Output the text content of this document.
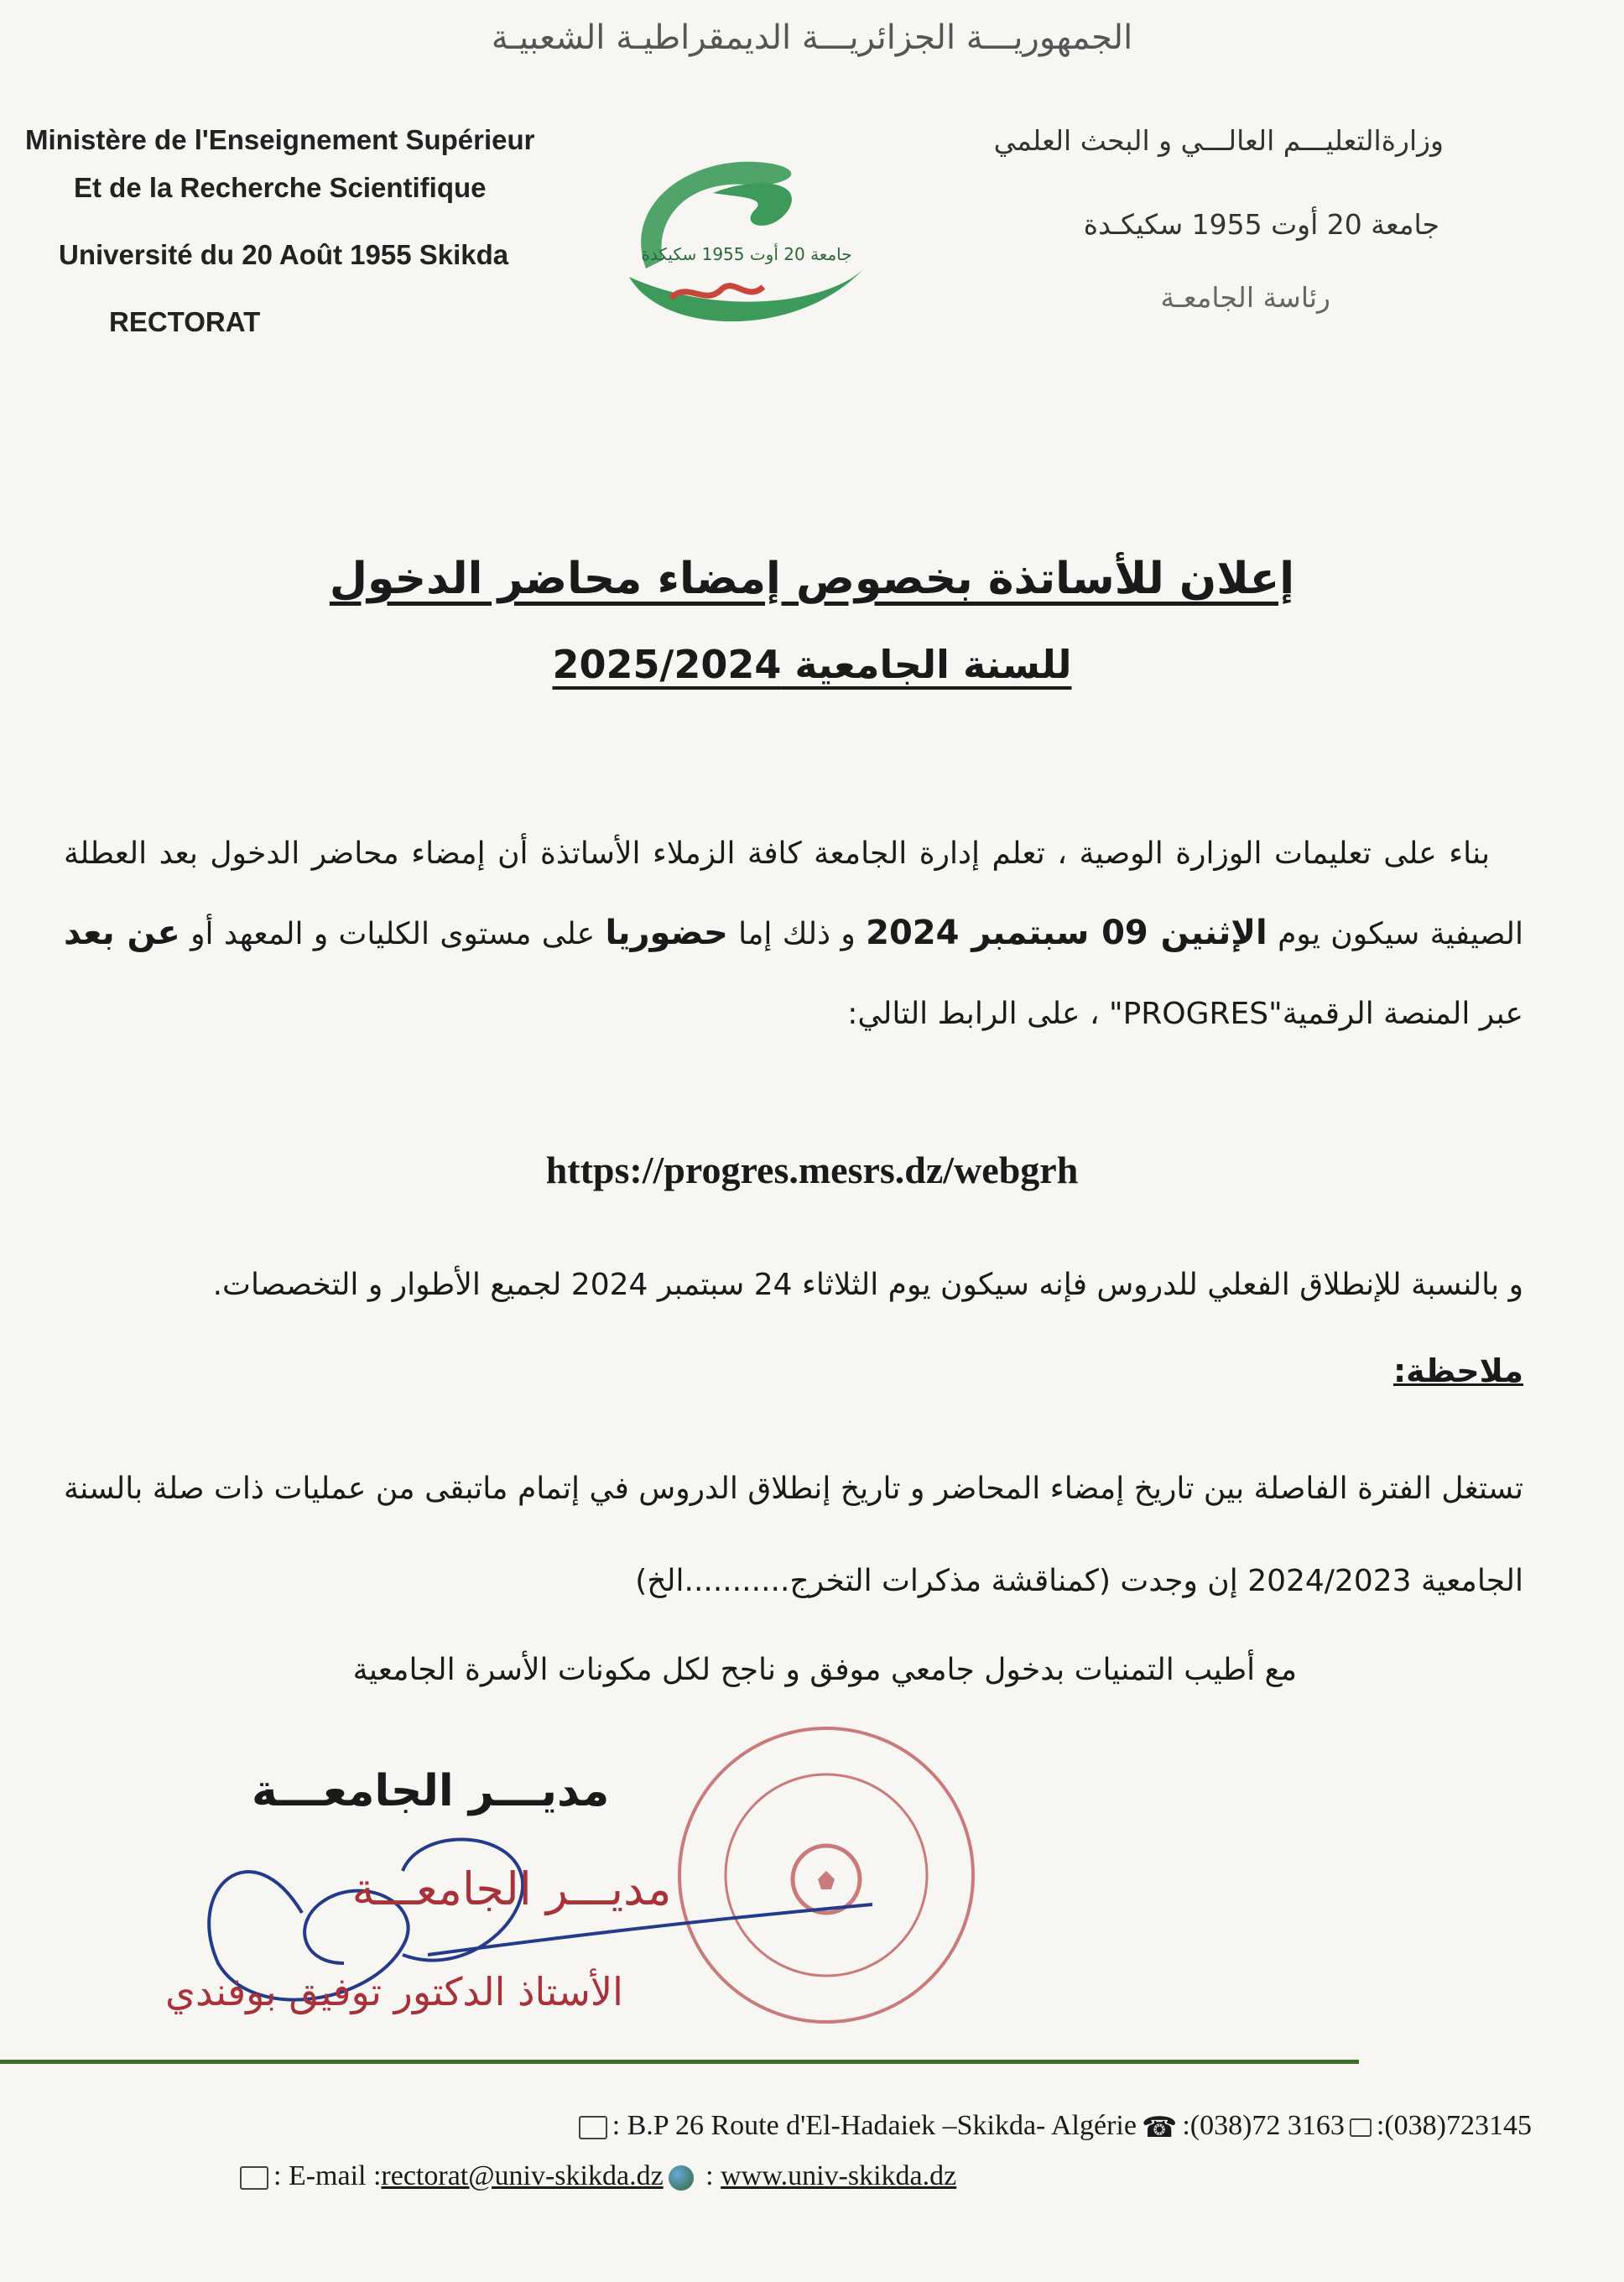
الجمهوريـــة الجزائريـــة الديمقراطيـة الشعبيـة
Ministère de l'Enseignement Supérieur
Et de la Recherche Scientifique
Université du 20 Août 1955 Skikda
RECTORAT
وزارةالتعليـــم العالـــي و البحث العلمي
جامعة 20 أوت 1955 سكيكـدة
رئاسة الجامعـة
جامعة 20 أوت 1955 سكيكدة
إعلان للأساتذة بخصوص إمضاء محاضر الدخول
للسنة الجامعية 2025/2024
بناء على تعليمات الوزارة الوصية ، تعلم إدارة الجامعة كافة الزملاء الأساتذة أن إمضاء محاضر الدخول بعد العطلة الصيفية سيكون يوم الإثنين 09 سبتمبر 2024 و ذلك إما حضوريا على مستوى الكليات و المعهد أو عن بعد عبر المنصة الرقمية"PROGRES" ، على الرابط التالي:
https://progres.mesrs.dz/webgrh
و بالنسبة للإنطلاق الفعلي للدروس فإنه سيكون يوم الثلاثاء 24 سبتمبر 2024 لجميع الأطوار و التخصصات.
ملاحظة:
تستغل الفترة الفاصلة بين تاريخ إمضاء المحاضر و تاريخ إنطلاق الدروس في إتمام ماتبقى من عمليات ذات صلة بالسنة الجامعية 2024/2023 إن وجدت (كمناقشة مذكرات التخرج...........الخ)
مع أطيب التمنيات بدخول جامعي موفق و ناجح لكل مكونات الأسرة الجامعية
مديـــر الجامعـــة
مديـــر الجامعـــة
الأستاذ الدكتور توفيق بوفندي
: B.P 26 Route d'El-Hadaiek –Skikda- Algérie ☎ :(038)72 3163 :(038)723145
: E-mail :rectorat@univ-skikda.dz : www.univ-skikda.dz
